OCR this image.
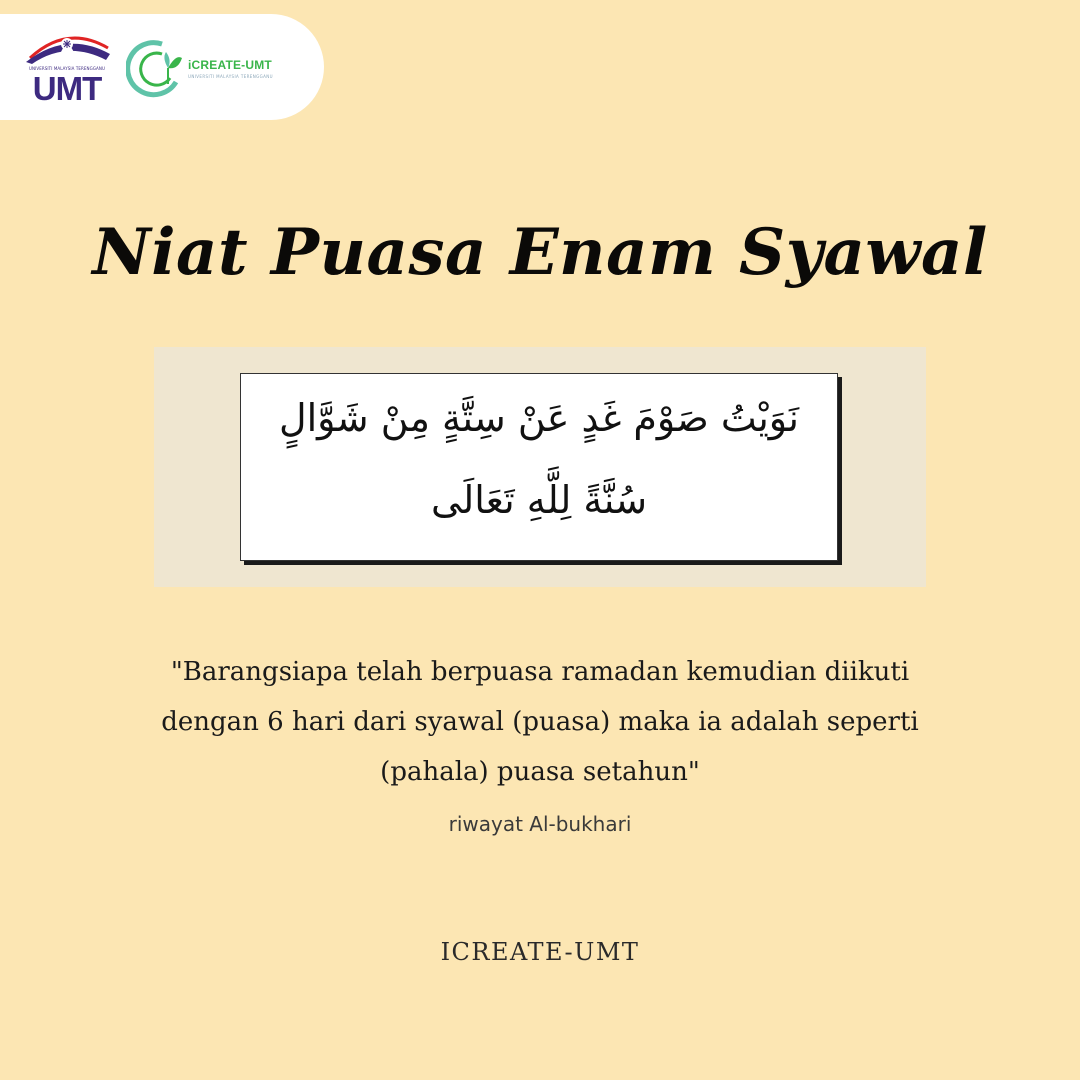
UNIVERSITI MALAYSIA TERENGGANU
UMT
iCREATE-UMT
UNIVERSITI MALAYSIA TERENGGANU
Niat Puasa Enam Syawal
نَوَيْتُ صَوْمَ غَدٍ عَنْ سِتَّةٍ مِنْ شَوَّالٍ
سُنَّةً لِلَّهِ تَعَالَى
"Barangsiapa telah berpuasa ramadan kemudian diikuti
dengan 6 hari dari syawal (puasa) maka ia adalah seperti
(pahala) puasa setahun"
riwayat Al-bukhari
ICREATE-UMT
